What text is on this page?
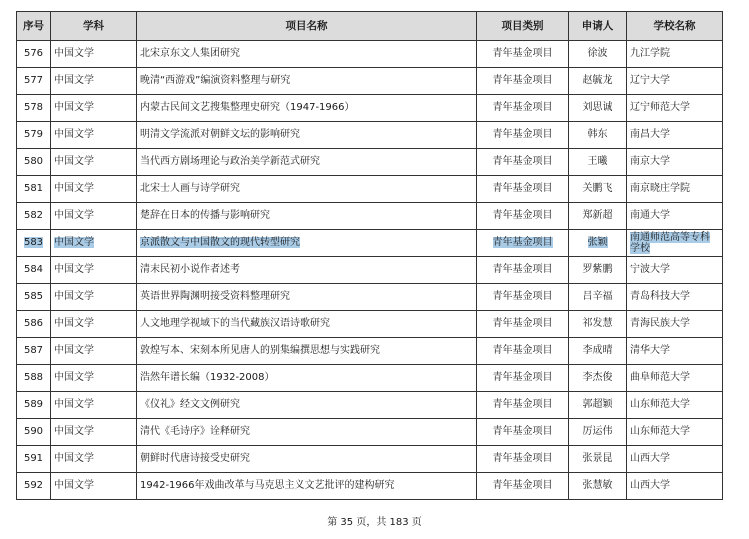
序号	学科	项目名称	项目类别	申请人	学校名称
576	中国文学	北宋京东文人集团研究	青年基金项目	徐波	九江学院
577	中国文学	晚清“西游戏”编演资料整理与研究	青年基金项目	赵毓龙	辽宁大学
578	中国文学	内蒙古民间文艺搜集整理史研究（1947-1966）	青年基金项目	刘思诚	辽宁师范大学
579	中国文学	明清文学流派对朝鲜文坛的影响研究	青年基金项目	韩东	南昌大学
580	中国文学	当代西方剧场理论与政治美学新范式研究	青年基金项目	王曦	南京大学
581	中国文学	北宋士人画与诗学研究	青年基金项目	关鹏飞	南京晓庄学院
582	中国文学	楚辞在日本的传播与影响研究	青年基金项目	郑新超	南通大学
583	中国文学	京派散文与中国散文的现代转型研究	青年基金项目	张颖	南通师范高等专科学校
584	中国文学	清末民初小说作者述考	青年基金项目	罗紫鹏	宁波大学
585	中国文学	英语世界陶渊明接受资料整理研究	青年基金项目	吕辛福	青岛科技大学
586	中国文学	人文地理学视域下的当代藏族汉语诗歌研究	青年基金项目	祁发慧	青海民族大学
587	中国文学	敦煌写本、宋刻本所见唐人的别集编撰思想与实践研究	青年基金项目	李成晴	清华大学
588	中国文学	浩然年谱长编（1932-2008）	青年基金项目	李杰俊	曲阜师范大学
589	中国文学	《仪礼》经文文例研究	青年基金项目	郭超颖	山东师范大学
590	中国文学	清代《毛诗序》诠释研究	青年基金项目	厉运伟	山东师范大学
591	中国文学	朝鲜时代唐诗接受史研究	青年基金项目	张景昆	山西大学
592	中国文学	1942-1966年戏曲改革与马克思主义文艺批评的建构研究	青年基金项目	张慧敏	山西大学
第 35 页，共 183 页
